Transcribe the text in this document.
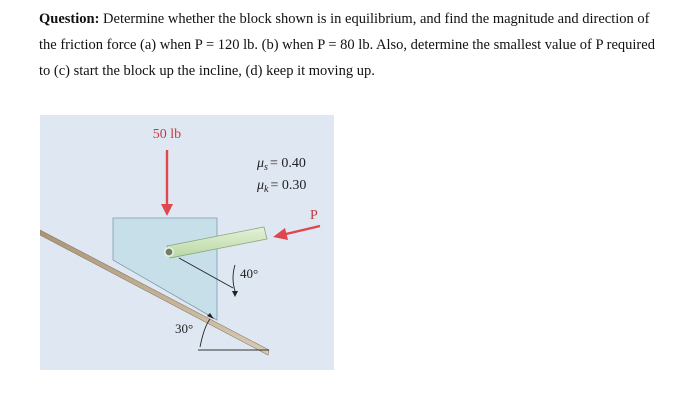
Question: Determine whether the block shown is in equilibrium, and find the magnitude and direction of the friction force (a) when P = 120 lb. (b) when P = 80 lb. Also, determine the smallest value of P required to (c) start the block up the incline, (d) keep it moving up.
50 lb
$\mu_s = 0.40$
$\mu_k = 0.30$
P
40°
30°
